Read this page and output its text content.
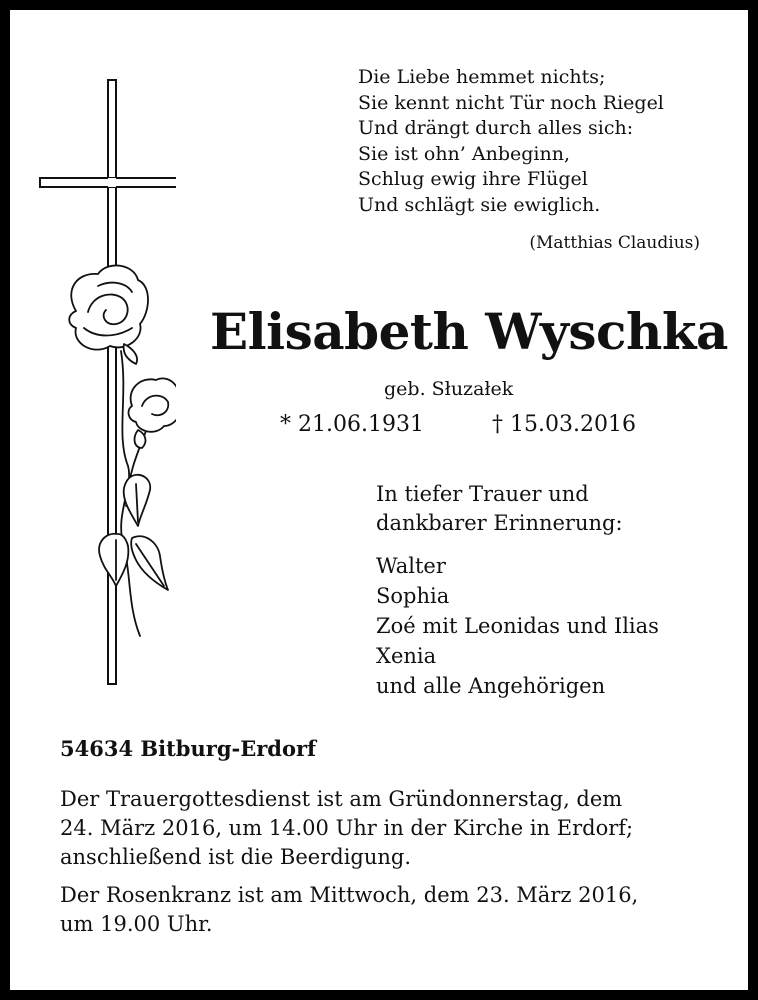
Die Liebe hemmet nichts;
Sie kennt nicht Tür noch Riegel
Und drängt durch alles sich:
Sie ist ohn’ Anbeginn,
Schlug ewig ihre Flügel
Und schlägt sie ewiglich.
(Matthias Claudius)
Elisabeth Wyschka
geb. Słuzałek
* 21.06.1931	† 15.03.2016
In tiefer Trauer und
dankbarer Erinnerung:
Walter
Sophia
Zoé mit Leonidas und Ilias
Xenia
und alle Angehörigen
54634 Bitburg-Erdorf
Der Trauergottesdienst ist am Gründonnerstag, dem
24. März 2016, um 14.00 Uhr in der Kirche in Erdorf;
anschließend ist die Beerdigung.
Der Rosenkranz ist am Mittwoch, dem 23. März 2016,
um 19.00 Uhr.
